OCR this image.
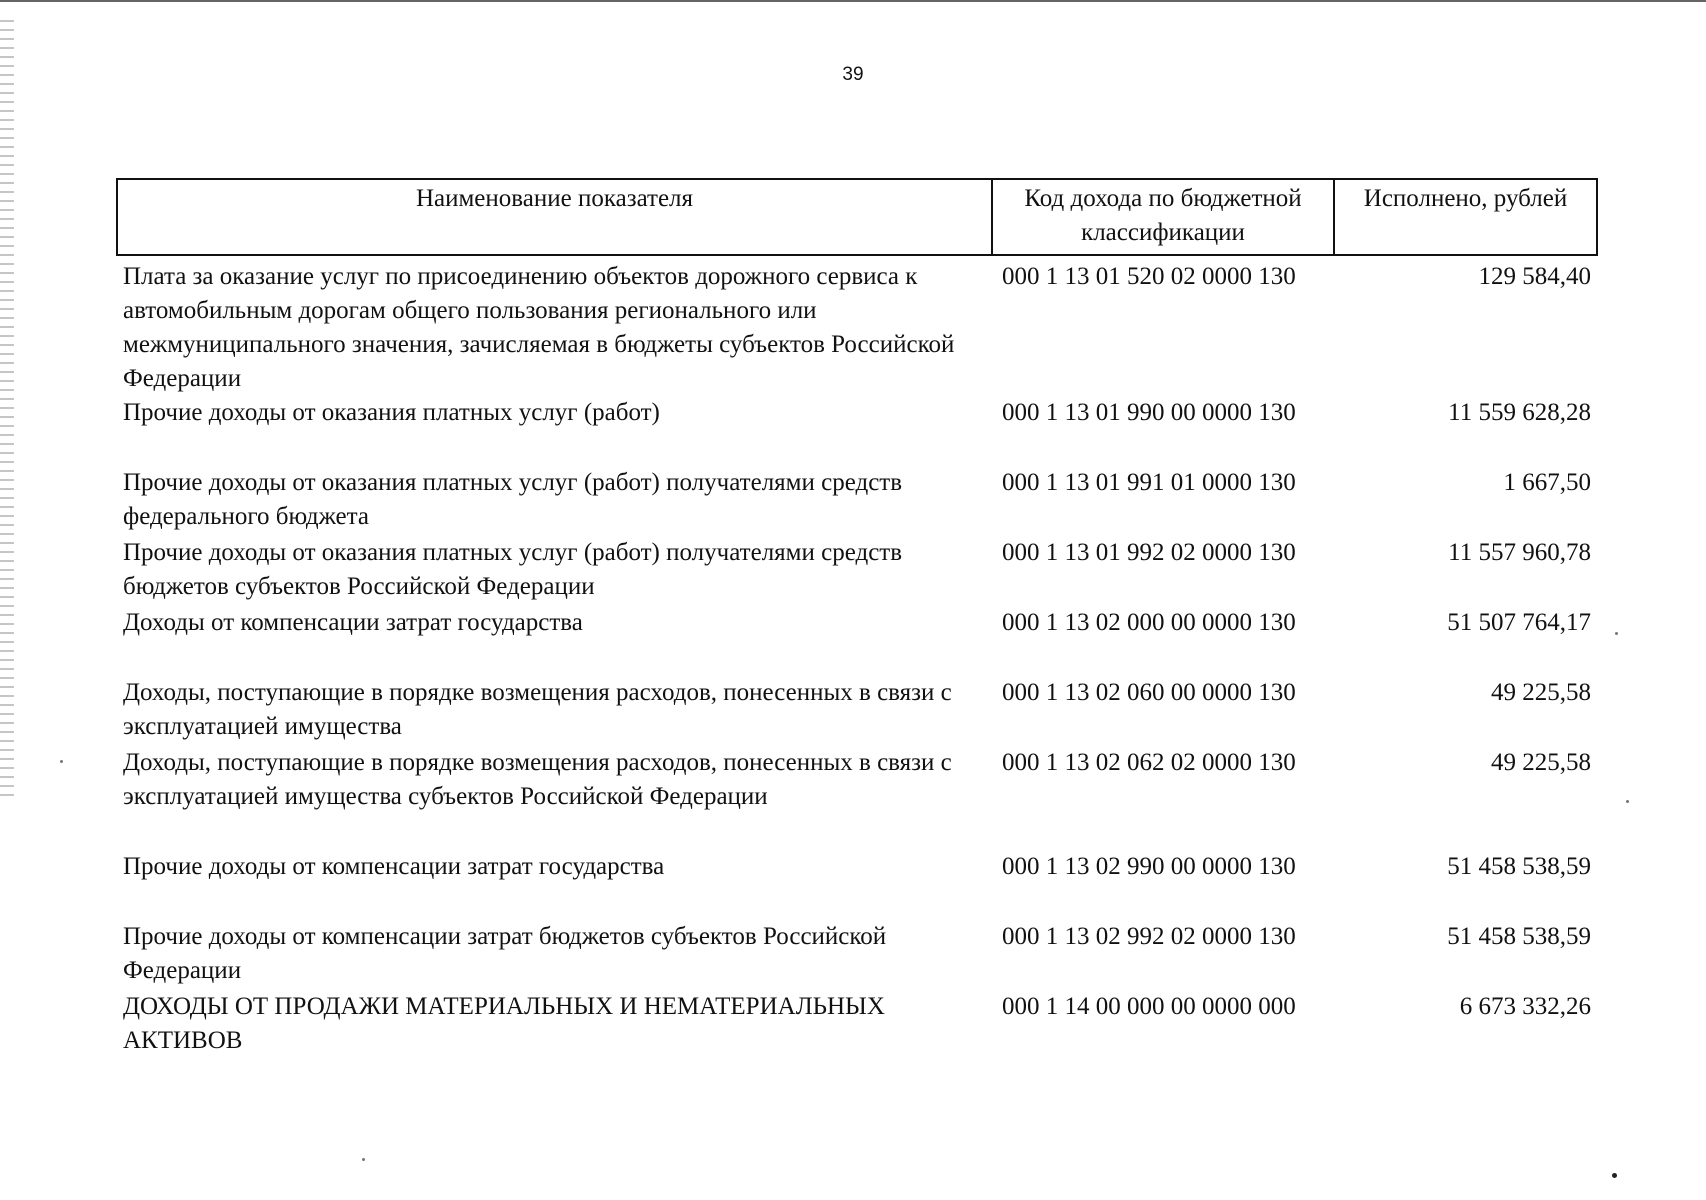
39
Наименование показателя	Код дохода по бюджетной классификации	Исполнено, рублей
Плата за оказание услуг по присоединению объектов дорожного сервиса к автомобильным дорогам общего пользования регионального или межмуниципального значения, зачисляемая в бюджеты субъектов Российской Федерации	000 1 13 01 520 02 0000 130	129 584,40
Прочие доходы от оказания платных услуг (работ)	000 1 13 01 990 00 0000 130	11 559 628,28
Прочие доходы от оказания платных услуг (работ) получателями средств федерального бюджета	000 1 13 01 991 01 0000 130	1 667,50
Прочие доходы от оказания платных услуг (работ) получателями средств бюджетов субъектов Российской Федерации	000 1 13 01 992 02 0000 130	11 557 960,78
Доходы от компенсации затрат государства	000 1 13 02 000 00 0000 130	51 507 764,17
Доходы, поступающие в порядке возмещения расходов, понесенных в связи с эксплуатацией имущества	000 1 13 02 060 00 0000 130	49 225,58
Доходы, поступающие в порядке возмещения расходов, понесенных в связи с эксплуатацией имущества субъектов Российской Федерации	000 1 13 02 062 02 0000 130	49 225,58
Прочие доходы от компенсации затрат государства	000 1 13 02 990 00 0000 130	51 458 538,59
Прочие доходы от компенсации затрат бюджетов субъектов Российской Федерации	000 1 13 02 992 02 0000 130	51 458 538,59
ДОХОДЫ ОТ ПРОДАЖИ МАТЕРИАЛЬНЫХ И НЕМАТЕРИАЛЬНЫХ АКТИВОВ	000 1 14 00 000 00 0000 000	6 673 332,26
